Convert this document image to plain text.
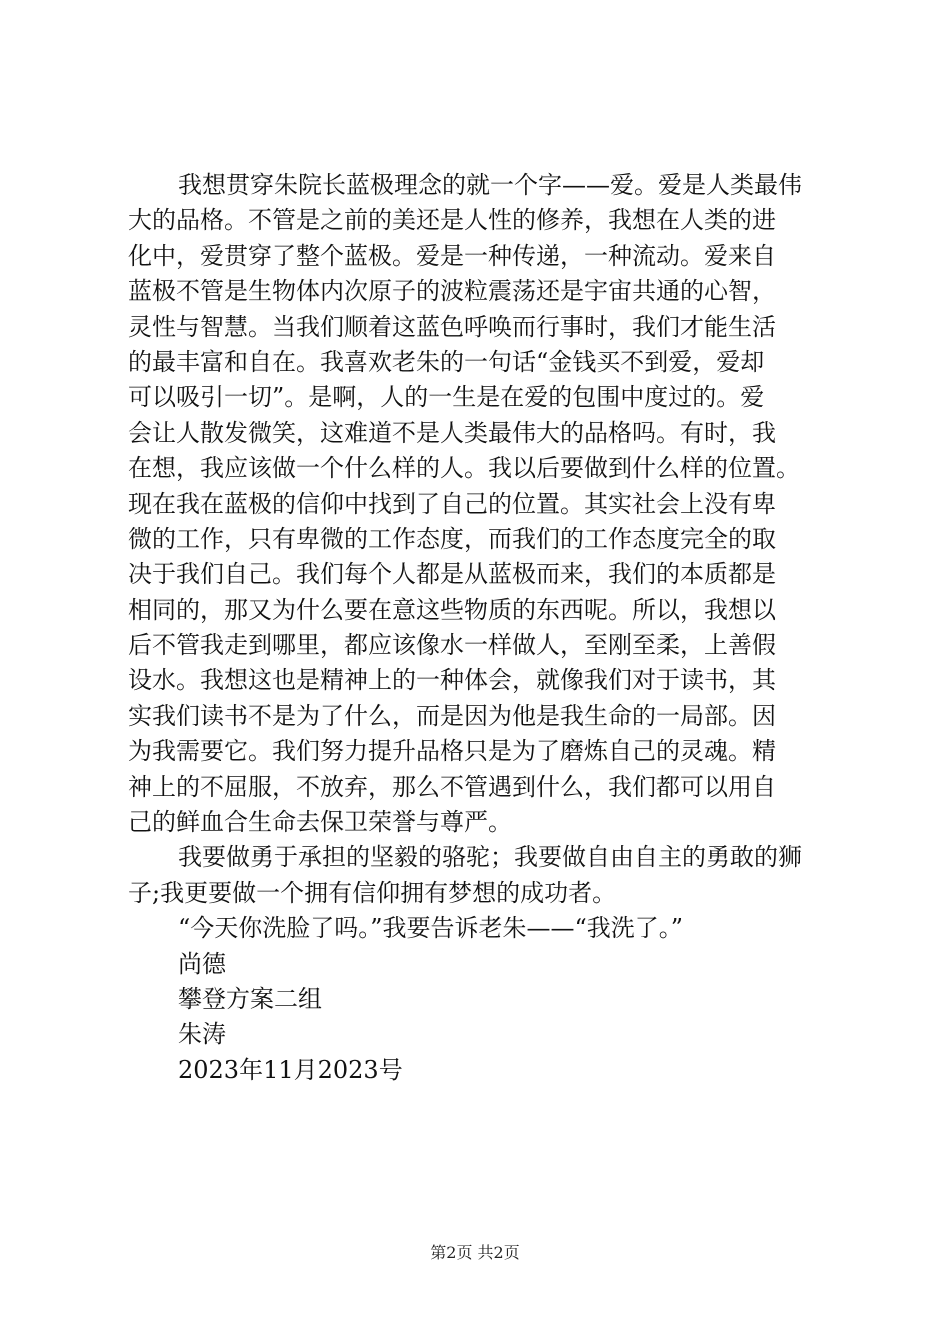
我想贯穿朱院长蓝极理念的就一个字——爱。爱是人类最伟
大的品格。不管是之前的美还是人性的修养，我想在人类的进
化中，爱贯穿了整个蓝极。爱是一种传递，一种流动。爱来自
蓝极不管是生物体内次原子的波粒震荡还是宇宙共通的心智，
灵性与智慧。当我们顺着这蓝色呼唤而行事时，我们才能生活
的最丰富和自在。我喜欢老朱的一句话“金钱买不到爱，爱却
可以吸引一切”。是啊，人的一生是在爱的包围中度过的。爱
会让人散发微笑，这难道不是人类最伟大的品格吗。有时，我
在想，我应该做一个什么样的人。我以后要做到什么样的位置。
现在我在蓝极的信仰中找到了自己的位置。其实社会上没有卑
微的工作，只有卑微的工作态度，而我们的工作态度完全的取
决于我们自己。我们每个人都是从蓝极而来，我们的本质都是
相同的，那又为什么要在意这些物质的东西呢。所以，我想以
后不管我走到哪里，都应该像水一样做人，至刚至柔，上善假
设水。我想这也是精神上的一种体会，就像我们对于读书，其
实我们读书不是为了什么，而是因为他是我生命的一局部。因
为我需要它。我们努力提升品格只是为了磨炼自己的灵魂。精
神上的不屈服，不放弃，那么不管遇到什么，我们都可以用自
己的鲜血合生命去保卫荣誉与尊严。
我要做勇于承担的坚毅的骆驼；我要做自由自主的勇敢的狮
子;我更要做一个拥有信仰拥有梦想的成功者。
“今天你洗脸了吗。”我要告诉老朱——“我洗了。”
尚德
攀登方案二组
朱涛
2023年11月2023号
第2页 共2页
